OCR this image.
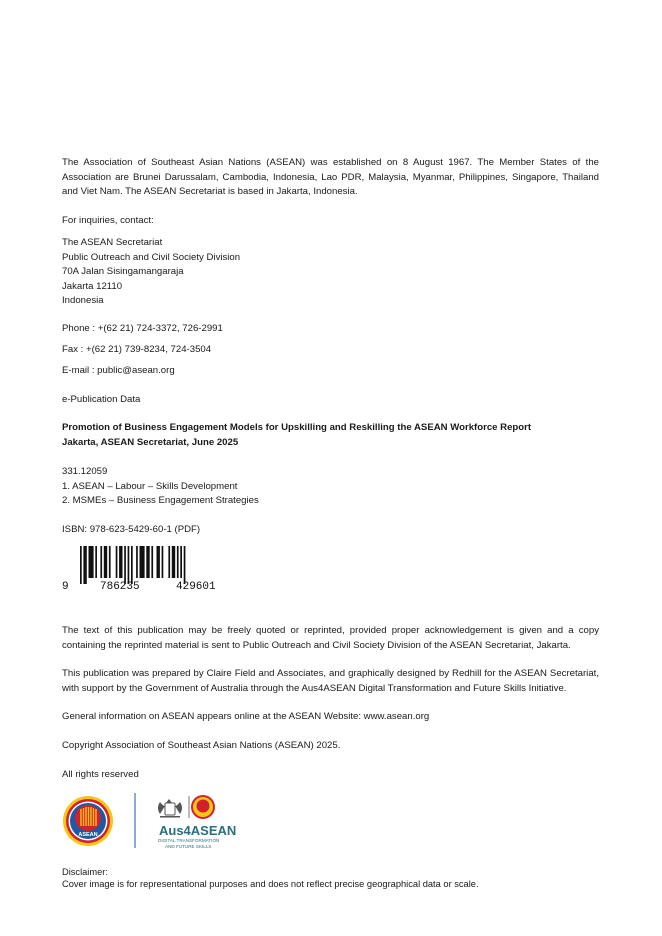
The Association of Southeast Asian Nations (ASEAN) was established on 8 August 1967. The Member States of the Association are Brunei Darussalam, Cambodia, Indonesia, Lao PDR, Malaysia, Myanmar, Philippines, Singapore, Thailand and Viet Nam. The ASEAN Secretariat is based in Jakarta, Indonesia.

For inquiries, contact:

The ASEAN Secretariat
Public Outreach and Civil Society Division
70A Jalan Sisingamangaraja
Jakarta 12110
Indonesia

Phone : +(62 21) 724-3372, 726-2991

Fax : +(62 21) 739-8234, 724-3504

E-mail : public@asean.org

e-Publication Data

Promotion of Business Engagement Models for Upskilling and Reskilling the ASEAN Workforce Report
Jakarta, ASEAN Secretariat, June 2025
331.12059
1. ASEAN – Labour – Skills Development
2. MSMEs – Business Engagement Strategies

ISBN: 978-623-5429-60-1 (PDF)

9	786235	429601

The text of this publication may be freely quoted or reprinted, provided proper acknowledgement is given and a copy containing the reprinted material is sent to Public Outreach and Civil Society Division of the ASEAN Secretariat, Jakarta.

This publication was prepared by Claire Field and Associates, and graphically designed by Redhill for the ASEAN Secretariat, with support by the Government of Australia through the Aus4ASEAN Digital Transformation and Future Skills Initiative.

General information on ASEAN appears online at the ASEAN Website: www.asean.org

Copyright Association of Southeast Asian Nations (ASEAN) 2025.

All rights reserved

ASEAN	Aus4ASEAN
DIGITAL TRANSFORMATION
AND FUTURE SKILLS
Disclaimer:
Cover image is for representational purposes and does not reflect precise geographical data or scale.
